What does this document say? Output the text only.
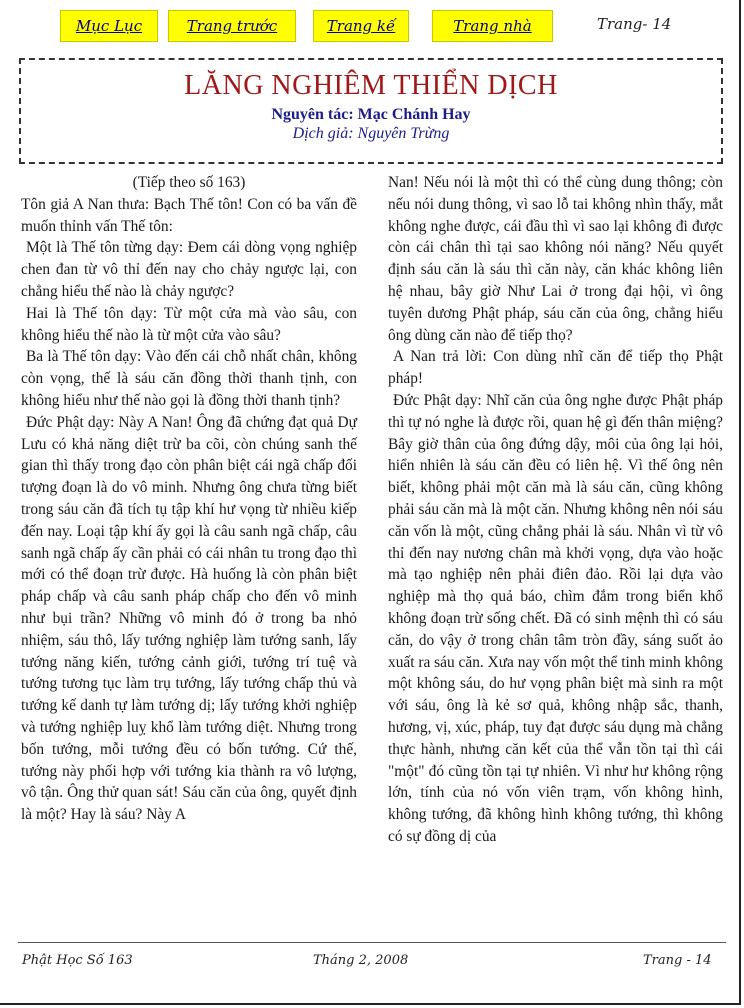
Mục Lục	Trang trước	Trang kế	Trang nhà	Trang- 14
LĂNG NGHIÊM THIỂN DỊCH
Nguyên tác: Mạc Chánh Hay
Dịch giả: Nguyên Trừng

(Tiếp theo số 163)

Tôn giả A Nan thưa: Bạch Thế tôn! Con có ba vấn đề muốn thỉnh vấn Thế tôn:

Một là Thế tôn từng dạy: Đem cái dòng vọng nghiệp chen đan từ vô thỉ đến nay cho chảy ngược lại, con chẳng hiểu thế nào là chảy ngược?

Hai là Thế tôn dạy: Từ một cửa mà vào sâu, con không hiểu thế nào là từ một cửa vào sâu?

Ba là Thế tôn dạy: Vào đến cái chỗ nhất chân, không còn vọng, thế là sáu căn đồng thời thanh tịnh, con không hiểu như thế nào gọi là đồng thời thanh tịnh?

Đức Phật dạy: Này A Nan! Ông đã chứng đạt quả Dự Lưu có khả năng diệt trừ ba cõi, còn chúng sanh thế gian thì thấy trong đạo còn phân biệt cái ngã chấp đối tượng đoạn là do vô minh. Nhưng ông chưa từng biết trong sáu căn đã tích tụ tập khí hư vọng từ nhiều kiếp đến nay. Loại tập khí ấy gọi là câu sanh ngã chấp, câu sanh ngã chấp ấy cần phải có cái nhân tu trong đạo thì mới có thể đoạn trừ được. Hà huống là còn phân biệt pháp chấp và câu sanh pháp chấp cho đến vô minh như bụi trần? Những vô minh đó ở trong ba nhỏ nhiệm, sáu thô, lấy tướng nghiệp làm tướng sanh, lấy tướng năng kiến, tướng cảnh giới, tướng trí tuệ và tướng tương tục làm trụ tướng, lấy tướng chấp thủ và tướng kế danh tự làm tướng dị; lấy tướng khởi nghiệp và tướng nghiệp luỵ khổ làm tướng diệt. Nhưng trong bốn tướng, mỗi tướng đều có bốn tướng. Cứ thế, tướng này phối hợp với tướng kia thành ra vô lượng, vô tận. Ông thử quan sát! Sáu căn của ông, quyết định là một? Hay là sáu? Này A

Nan! Nếu nói là một thì có thể cùng dung thông; còn nếu nói dung thông, vì sao lỗ tai không nhìn thấy, mắt không nghe được, cái đầu thì vì sao lại không đi được còn cái chân thì tại sao không nói năng? Nếu quyết định sáu căn là sáu thì căn này, căn khác không liên hệ nhau, bây giờ Như Lai ở trong đại hội, vì ông tuyên dương Phật pháp, sáu căn của ông, chẳng hiểu ông dùng căn nào để tiếp thọ?

A Nan trả lời: Con dùng nhĩ căn để tiếp thọ Phật pháp!

Đức Phật dạy: Nhĩ căn của ông nghe được Phật pháp thì tự nó nghe là được rồi, quan hệ gì đến thân miệng? Bây giờ thân của ông đứng dậy, môi của ông lại hỏi, hiển nhiên là sáu căn đều có liên hệ. Vì thế ông nên biết, không phải một căn mà là sáu căn, cũng không phải sáu căn mà là một căn. Nhưng không nên nói sáu căn vốn là một, cũng chẳng phải là sáu. Nhân vì từ vô thỉ đến nay nương chân mà khởi vọng, dựa vào hoặc mà tạo nghiệp nên phải điên đảo. Rồi lại dựa vào nghiệp mà thọ quả báo, chìm đắm trong biển khổ không đoạn trừ sống chết. Đã có sinh mệnh thì có sáu căn, do vậy ở trong chân tâm tròn đầy, sáng suốt ảo xuất ra sáu căn. Xưa nay vốn một thể tinh minh không một không sáu, do hư vọng phân biệt mà sinh ra một với sáu, ông là kẻ sơ quả, không nhập sắc, thanh, hương, vị, xúc, pháp, tuy đạt được sáu dụng mà chẳng thực hành, nhưng căn kết của thể vẫn tồn tại thì cái "một" đó cũng tồn tại tự nhiên. Vì như hư không rộng lớn, tính của nó vốn viên trạm, vốn không hình, không tướng, đã không hình không tướng, thì không có sự đồng dị của

Phật Học Số 163	Tháng 2, 2008	Trang - 14
